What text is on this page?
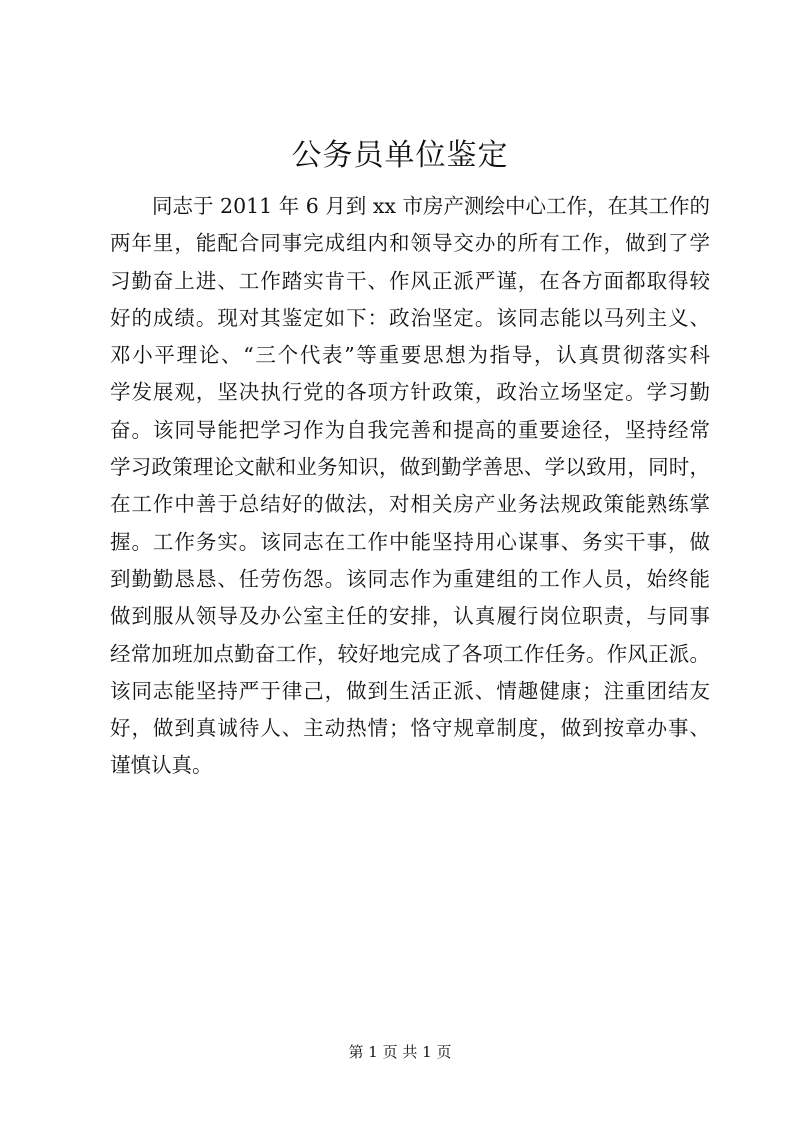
公务员单位鉴定
同志于 2011 年 6 月到 xx 市房产测绘中心工作，在其工作的
两年里，能配合同事完成组内和领导交办的所有工作，做到了学
习勤奋上进、工作踏实肯干、作风正派严谨，在各方面都取得较
好的成绩。现对其鉴定如下：政治坚定。该同志能以马列主义、
邓小平理论、“三个代表”等重要思想为指导，认真贯彻落实科
学发展观，坚决执行党的各项方针政策，政治立场坚定。学习勤
奋。该同导能把学习作为自我完善和提高的重要途径，坚持经常
学习政策理论文献和业务知识，做到勤学善思、学以致用，同时，
在工作中善于总结好的做法，对相关房产业务法规政策能熟练掌
握。工作务实。该同志在工作中能坚持用心谋事、务实干事，做
到勤勤恳恳、任劳伤怨。该同志作为重建组的工作人员，始终能
做到服从领导及办公室主任的安排，认真履行岗位职责，与同事
经常加班加点勤奋工作，较好地完成了各项工作任务。作风正派。
该同志能坚持严于律己，做到生活正派、情趣健康；注重团结友
好，做到真诚待人、主动热情；恪守规章制度，做到按章办事、
谨慎认真。
第 1 页 共 1 页
